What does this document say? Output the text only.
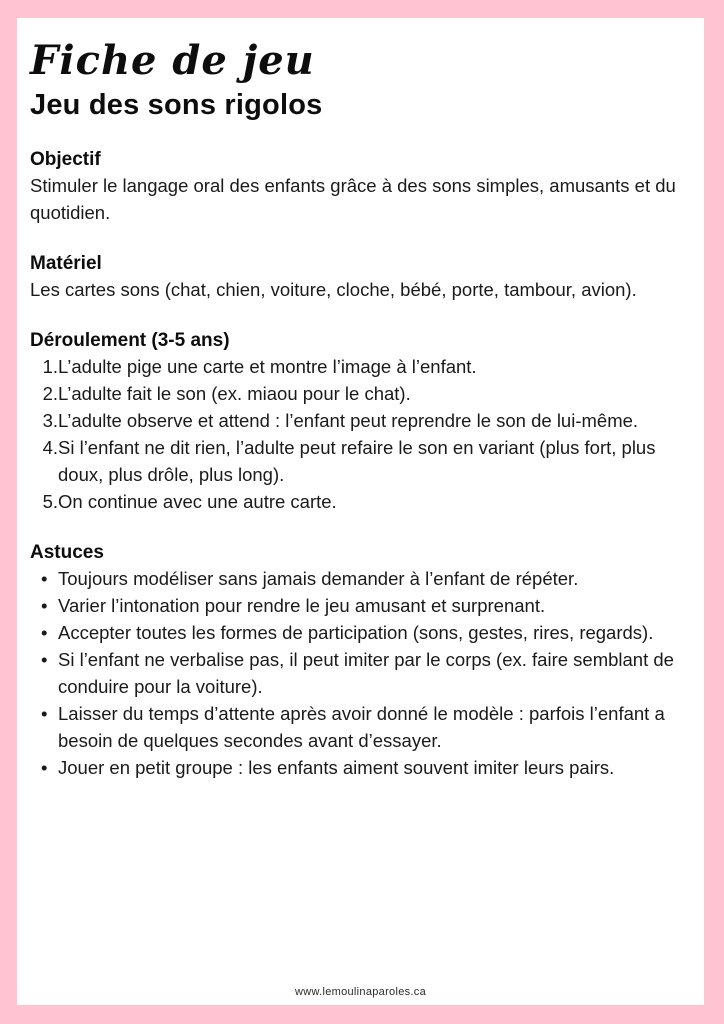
Fiche de jeu
Jeu des sons rigolos
Objectif

Stimuler le langage oral des enfants grâce à des sons simples, amusants et du quotidien.

Matériel

Les cartes sons (chat, chien, voiture, cloche, bébé, porte, tambour, avion).

Déroulement (3-5 ans)
L’adulte pige une carte et montre l’image à l’enfant.
L’adulte fait le son (ex. miaou pour le chat).
L’adulte observe et attend : l’enfant peut reprendre le son de lui-même.
Si l’enfant ne dit rien, l’adulte peut refaire le son en variant (plus fort, plus doux, plus drôle, plus long).
On continue avec une autre carte.
Astuces
• Toujours modéliser sans jamais demander à l’enfant de répéter.
• Varier l’intonation pour rendre le jeu amusant et surprenant.
• Accepter toutes les formes de participation (sons, gestes, rires, regards).
• Si l’enfant ne verbalise pas, il peut imiter par le corps (ex. faire semblant de conduire pour la voiture).
• Laisser du temps d’attente après avoir donné le modèle : parfois l’enfant a besoin de quelques secondes avant d’essayer.
• Jouer en petit groupe : les enfants aiment souvent imiter leurs pairs.
www.lemoulinaparoles.ca
